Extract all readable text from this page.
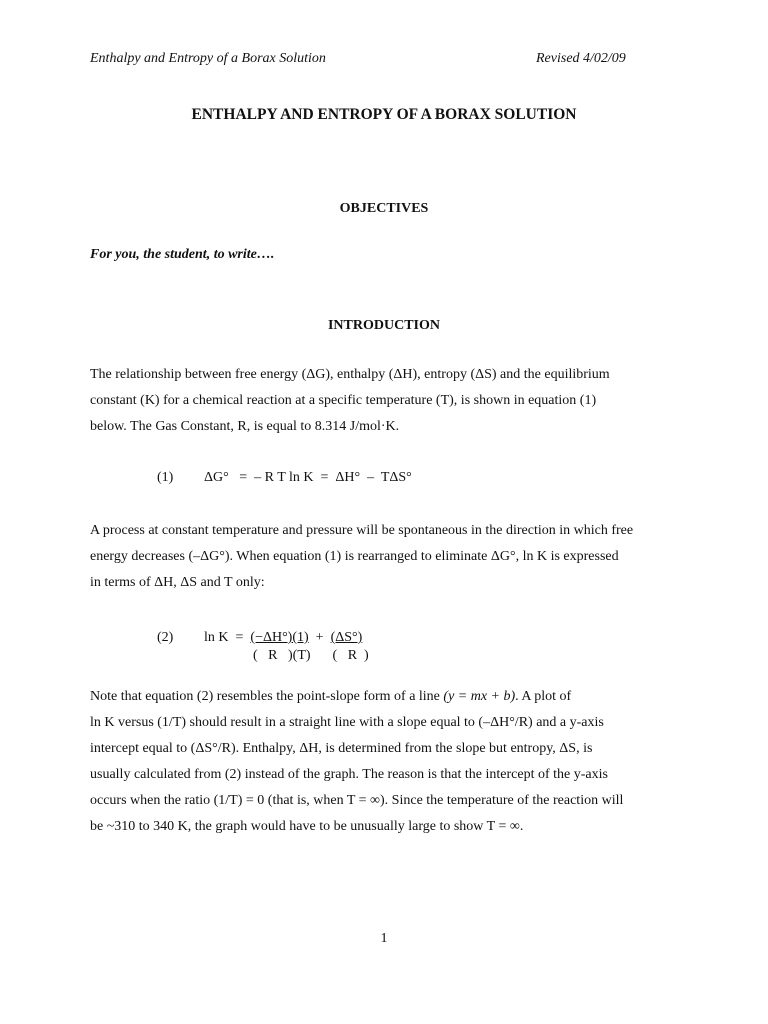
Enthalpy and Entropy of a Borax Solution	Revised 4/02/09
ENTHALPY AND ENTROPY OF A BORAX SOLUTION
OBJECTIVES
For you, the student, to write….
INTRODUCTION
The relationship between free energy (ΔG), enthalpy (ΔH), entropy (ΔS) and the equilibrium
constant (K) for a chemical reaction at a specific temperature (T), is shown in equation (1)
below. The Gas Constant, R, is equal to 8.314 J/mol·K.
(1) ΔG°   =  – R T ln K  =  ΔH°  –  TΔS°
A process at constant temperature and pressure will be spontaneous in the direction in which free
energy decreases (–ΔG°). When equation (1) is rearranged to eliminate ΔG°, ln K is expressed
in terms of ΔH, ΔS and T only:
(2) ln K  =  (−ΔH°)(1)  +  (ΔS°)
(   R   )(T) (   R  )
Note that equation (2) resembles the point-slope form of a line (y = mx + b). A plot of
ln K versus (1/T) should result in a straight line with a slope equal to (–ΔH°/R) and a y-axis
intercept equal to (ΔS°/R). Enthalpy, ΔH, is determined from the slope but entropy, ΔS, is
usually calculated from (2) instead of the graph. The reason is that the intercept of the y-axis
occurs when the ratio (1/T) = 0 (that is, when T = ∞). Since the temperature of the reaction will
be ~310 to 340 K, the graph would have to be unusually large to show T = ∞.
1
